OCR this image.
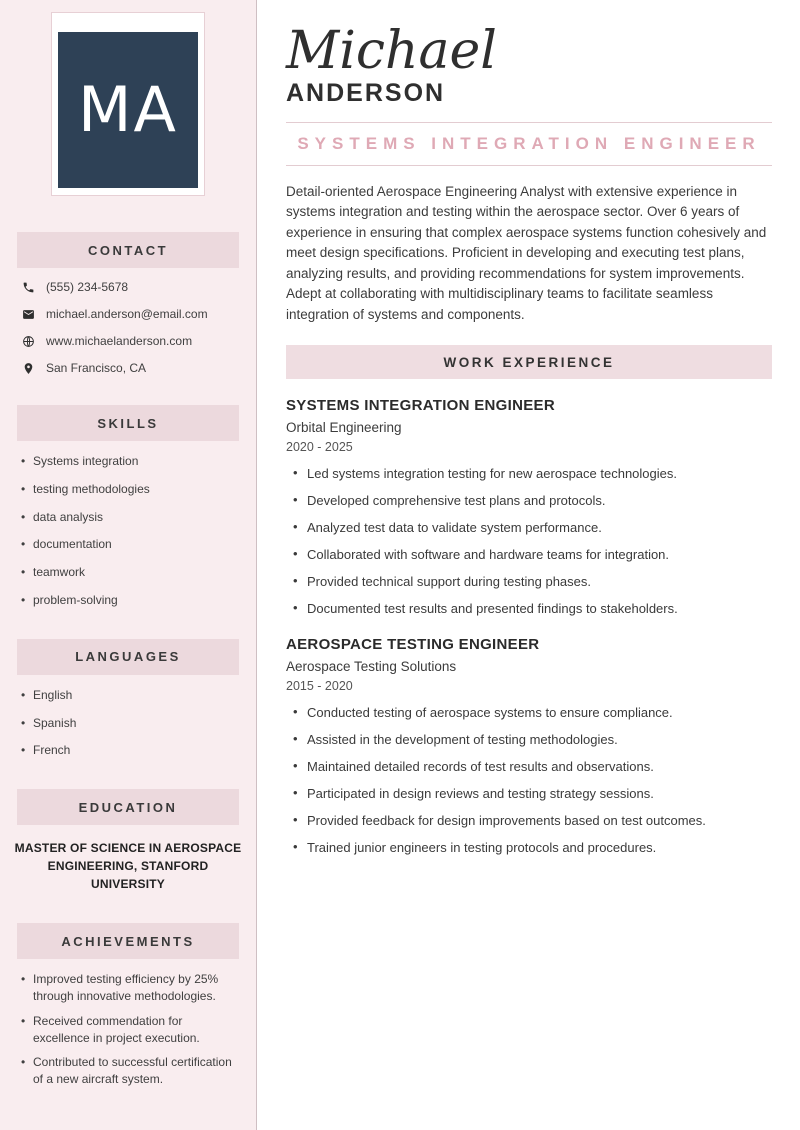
MA
CONTACT
(555) 234-5678
michael.anderson@email.com
www.michaelanderson.com
San Francisco, CA
SKILLS
• Systems integration
• testing methodologies
• data analysis
• documentation
• teamwork
• problem-solving
LANGUAGES
• English
• Spanish
• French
EDUCATION
MASTER OF SCIENCE IN AEROSPACE ENGINEERING, STANFORD UNIVERSITY
ACHIEVEMENTS
• Improved testing efficiency by 25% through innovative methodologies.
• Received commendation for excellence in project execution.
• Contributed to successful certification of a new aircraft system.
Michael
ANDERSON
SYSTEMS INTEGRATION ENGINEER

Detail-oriented Aerospace Engineering Analyst with extensive experience in systems integration and testing within the aerospace sector. Over 6 years of experience in ensuring that complex aerospace systems function cohesively and meet design specifications. Proficient in developing and executing test plans, analyzing results, and providing recommendations for system improvements. Adept at collaborating with multidisciplinary teams to facilitate seamless integration of systems and components.

WORK EXPERIENCE
SYSTEMS INTEGRATION ENGINEER
Orbital Engineering
2020 - 2025
• Led systems integration testing for new aerospace technologies.
• Developed comprehensive test plans and protocols.
• Analyzed test data to validate system performance.
• Collaborated with software and hardware teams for integration.
• Provided technical support during testing phases.
• Documented test results and presented findings to stakeholders.
AEROSPACE TESTING ENGINEER
Aerospace Testing Solutions
2015 - 2020
• Conducted testing of aerospace systems to ensure compliance.
• Assisted in the development of testing methodologies.
• Maintained detailed records of test results and observations.
• Participated in design reviews and testing strategy sessions.
• Provided feedback for design improvements based on test outcomes.
• Trained junior engineers in testing protocols and procedures.
